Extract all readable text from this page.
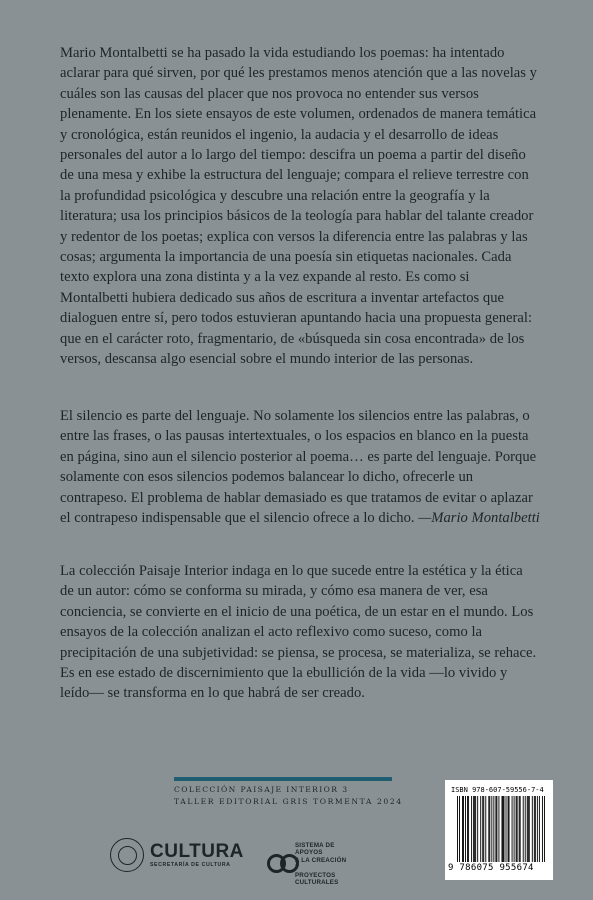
Mario Montalbetti se ha pasado la vida estudiando los poemas: ha intentado aclarar para qué sirven, por qué les prestamos menos atención que a las novelas y cuáles son las causas del placer que nos provoca no entender sus versos plenamente. En los siete ensayos de este volumen, ordenados de manera temática y cronológica, están reunidos el ingenio, la audacia y el desarrollo de ideas personales del autor a lo largo del tiempo: descifra un poema a partir del diseño de una mesa y exhibe la estructura del lenguaje; compara el relieve terrestre con la profundidad psicológica y descubre una relación entre la geografía y la literatura; usa los principios básicos de la teología para hablar del talante creador y redentor de los poetas; explica con versos la diferencia entre las palabras y las cosas; argumenta la importancia de una poesía sin etiquetas nacionales. Cada texto explora una zona distinta y a la vez expande al resto. Es como si Montalbetti hubiera dedicado sus años de escritura a inventar artefactos que dialoguen entre sí, pero todos estuvieran apuntando hacia una propuesta general: que en el carácter roto, fragmentario, de «búsqueda sin cosa encontrada» de los versos, descansa algo esencial sobre el mundo interior de las personas.
El silencio es parte del lenguaje. No solamente los silencios entre las palabras, o entre las frases, o las pausas intertextuales, o los espacios en blanco en la puesta en página, sino aun el silencio posterior al poema… es parte del lenguaje. Porque solamente con esos silencios podemos balancear lo dicho, ofrecerle un contrapeso. El problema de hablar demasiado es que tratamos de evitar o aplazar el contrapeso indispensable que el silencio ofrece a lo dicho. —Mario Montalbetti
La colección Paisaje Interior indaga en lo que sucede entre la estética y la ética de un autor: cómo se conforma su mirada, y cómo esa manera de ver, esa conciencia, se convierte en el inicio de una poética, de un estar en el mundo. Los ensayos de la colección analizan el acto reflexivo como suceso, como la precipitación de una subjetividad: se piensa, se procesa, se materializa, se rehace. Es en ese estado de discernimiento que la ebullición de la vida —lo vivido y leído— se transforma en lo que habrá de ser creado.
COLECCIÓN PAISAJE INTERIOR 3
TALLER EDITORIAL GRIS TORMENTA 2024
CULTURA
SECRETARÍA DE CULTURA
SISTEMA DE APOYOS
A LA CREACIÓN Y
PROYECTOS CULTURALES
ISBN 978-607-59556-7-4
9 786075 955674
